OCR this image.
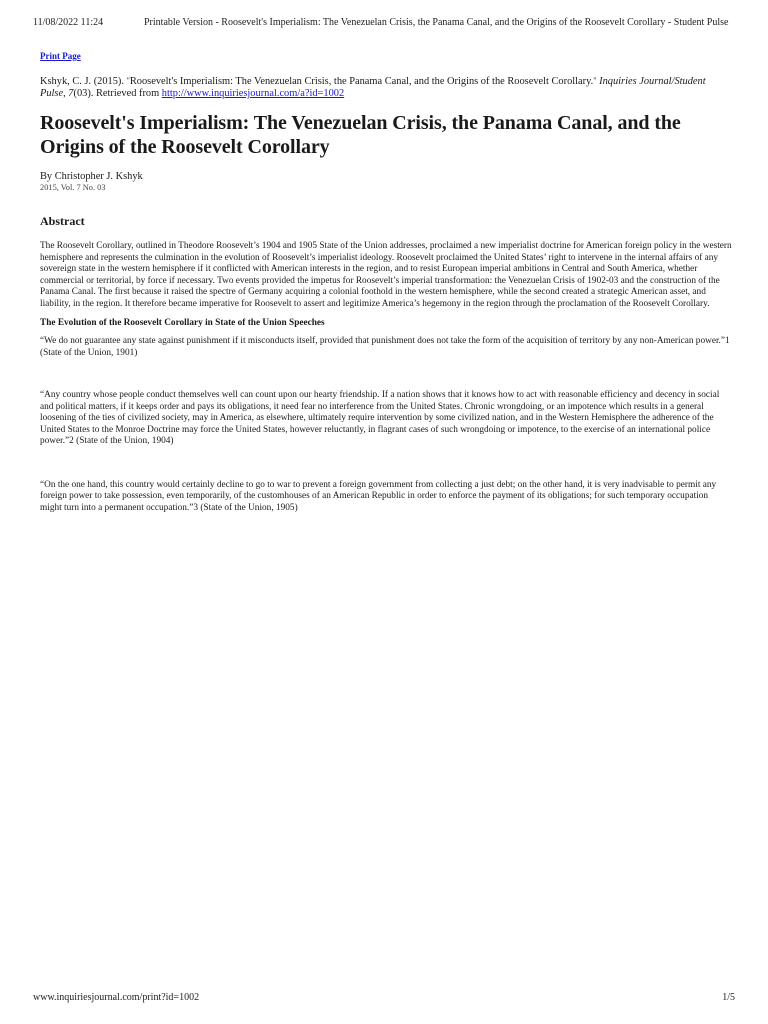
11/08/2022 11:24	Printable Version - Roosevelt's Imperialism: The Venezuelan Crisis, the Panama Canal, and the Origins of the Roosevelt Corollary - Student Pulse
Print Page

Kshyk, C. J. (2015). "Roosevelt's Imperialism: The Venezuelan Crisis, the Panama Canal, and the Origins of the Roosevelt Corollary." Inquiries Journal/Student Pulse, 7(03). Retrieved from http://www.inquiriesjournal.com/a?id=1002

Roosevelt's Imperialism: The Venezuelan Crisis, the Panama Canal, and the Origins of the Roosevelt Corollary
By Christopher J. Kshyk
2015, Vol. 7 No. 03
Abstract

The Roosevelt Corollary, outlined in Theodore Roosevelt’s 1904 and 1905 State of the Union addresses, proclaimed a new imperialist doctrine for American foreign policy in the western hemisphere and represents the culmination in the evolution of Roosevelt’s imperialist ideology. Roosevelt proclaimed the United States’ right to intervene in the internal affairs of any sovereign state in the western hemisphere if it conflicted with American interests in the region, and to resist European imperial ambitions in Central and South America, whether commercial or territorial, by force if necessary. Two events provided the impetus for Roosevelt’s imperial transformation: the Venezuelan Crisis of 1902-03 and the construction of the Panama Canal. The first because it raised the spectre of Germany acquiring a colonial foothold in the western hemisphere, while the second created a strategic American asset, and liability, in the region. It therefore became imperative for Roosevelt to assert and legitimize America’s hegemony in the region through the proclamation of the Roosevelt Corollary.

The Evolution of the Roosevelt Corollary in State of the Union Speeches

“We do not guarantee any state against punishment if it misconducts itself, provided that punishment does not take the form of the acquisition of territory by any non-American power.”1 (State of the Union, 1901)

“Any country whose people conduct themselves well can count upon our hearty friendship. If a nation shows that it knows how to act with reasonable efficiency and decency in social and political matters, if it keeps order and pays its obligations, it need fear no interference from the United States. Chronic wrongdoing, or an impotence which results in a general loosening of the ties of civilized society, may in America, as elsewhere, ultimately require intervention by some civilized nation, and in the Western Hemisphere the adherence of the United States to the Monroe Doctrine may force the United States, however reluctantly, in flagrant cases of such wrongdoing or impotence, to the exercise of an international police power.”2 (State of the Union, 1904)

“On the one hand, this country would certainly decline to go to war to prevent a foreign government from collecting a just debt; on the other hand, it is very inadvisable to permit any foreign power to take possession, even temporarily, of the customhouses of an American Republic in order to enforce the payment of its obligations; for such temporary occupation might turn into a permanent occupation.”3 (State of the Union, 1905)

www.inquiriesjournal.com/print?id=1002	1/5
